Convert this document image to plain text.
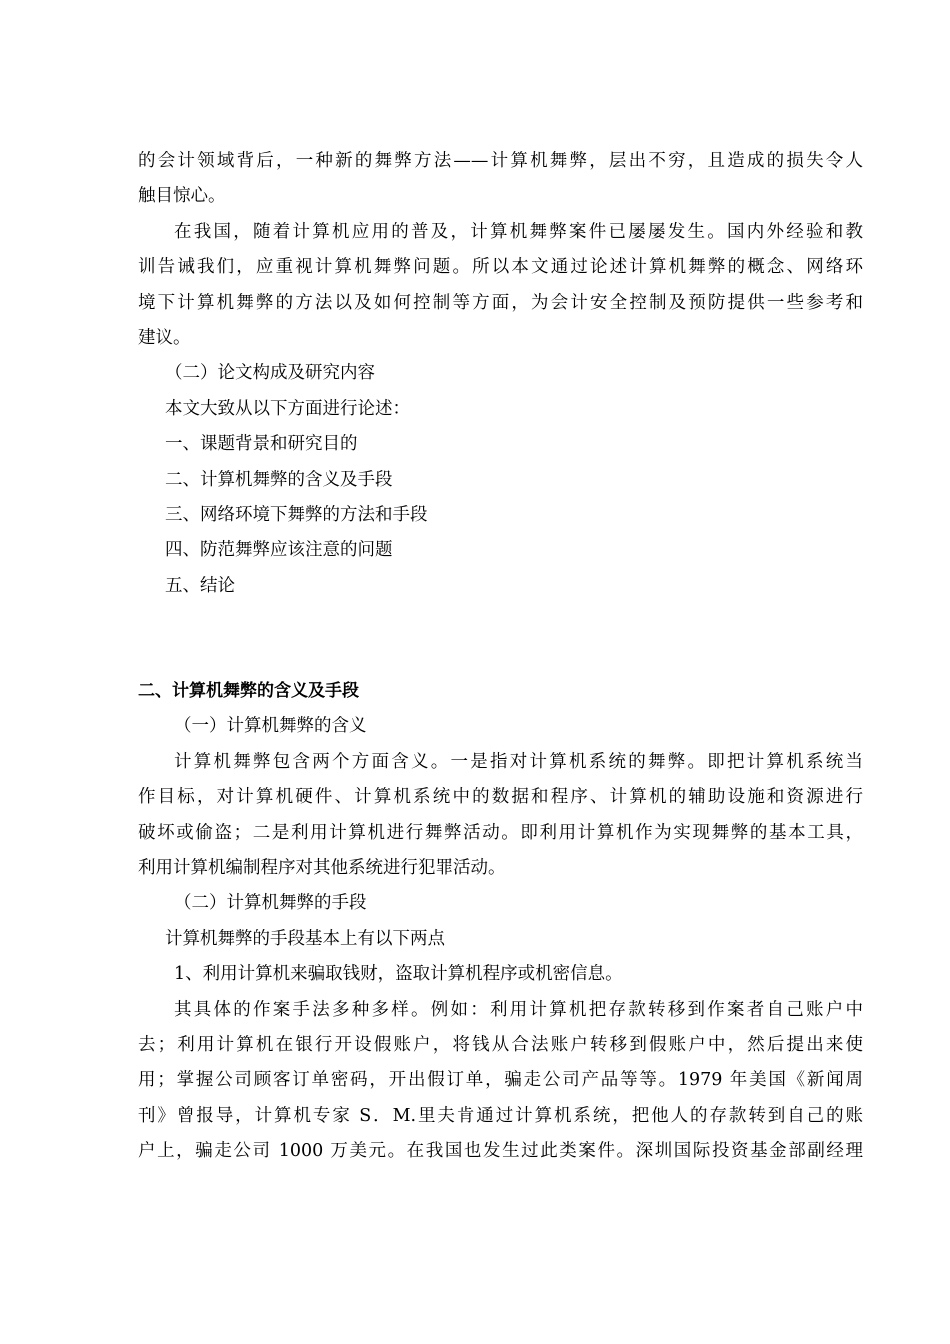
的会计领域背后，一种新的舞弊方法——计算机舞弊，层出不穷，且造成的损失令人
触目惊心。
在我国，随着计算机应用的普及，计算机舞弊案件已屡屡发生。国内外经验和教
训告诫我们，应重视计算机舞弊问题。所以本文通过论述计算机舞弊的概念、网络环
境下计算机舞弊的方法以及如何控制等方面，为会计安全控制及预防提供一些参考和
建议。
（二）论文构成及研究内容
本文大致从以下方面进行论述：
一、课题背景和研究目的
二、计算机舞弊的含义及手段
三、网络环境下舞弊的方法和手段
四、防范舞弊应该注意的问题
五、结论
二、计算机舞弊的含义及手段
（一）计算机舞弊的含义
计算机舞弊包含两个方面含义。一是指对计算机系统的舞弊。即把计算机系统当
作目标，对计算机硬件、计算机系统中的数据和程序、计算机的辅助设施和资源进行
破坏或偷盗；二是利用计算机进行舞弊活动。即利用计算机作为实现舞弊的基本工具，
利用计算机编制程序对其他系统进行犯罪活动。
（二）计算机舞弊的手段
计算机舞弊的手段基本上有以下两点
1、利用计算机来骗取钱财，盗取计算机程序或机密信息。
其具体的作案手法多种多样。例如：利用计算机把存款转移到作案者自己账户中
去；利用计算机在银行开设假账户，将钱从合法账户转移到假账户中，然后提出来使
用；掌握公司顾客订单密码，开出假订单，骗走公司产品等等。1979 年美国《新闻周
刊》曾报导，计算机专家 S．M.里夫肯通过计算机系统，把他人的存款转到自己的账
户上，骗走公司 1000 万美元。在我国也发生过此类案件。深圳国际投资基金部副经理
